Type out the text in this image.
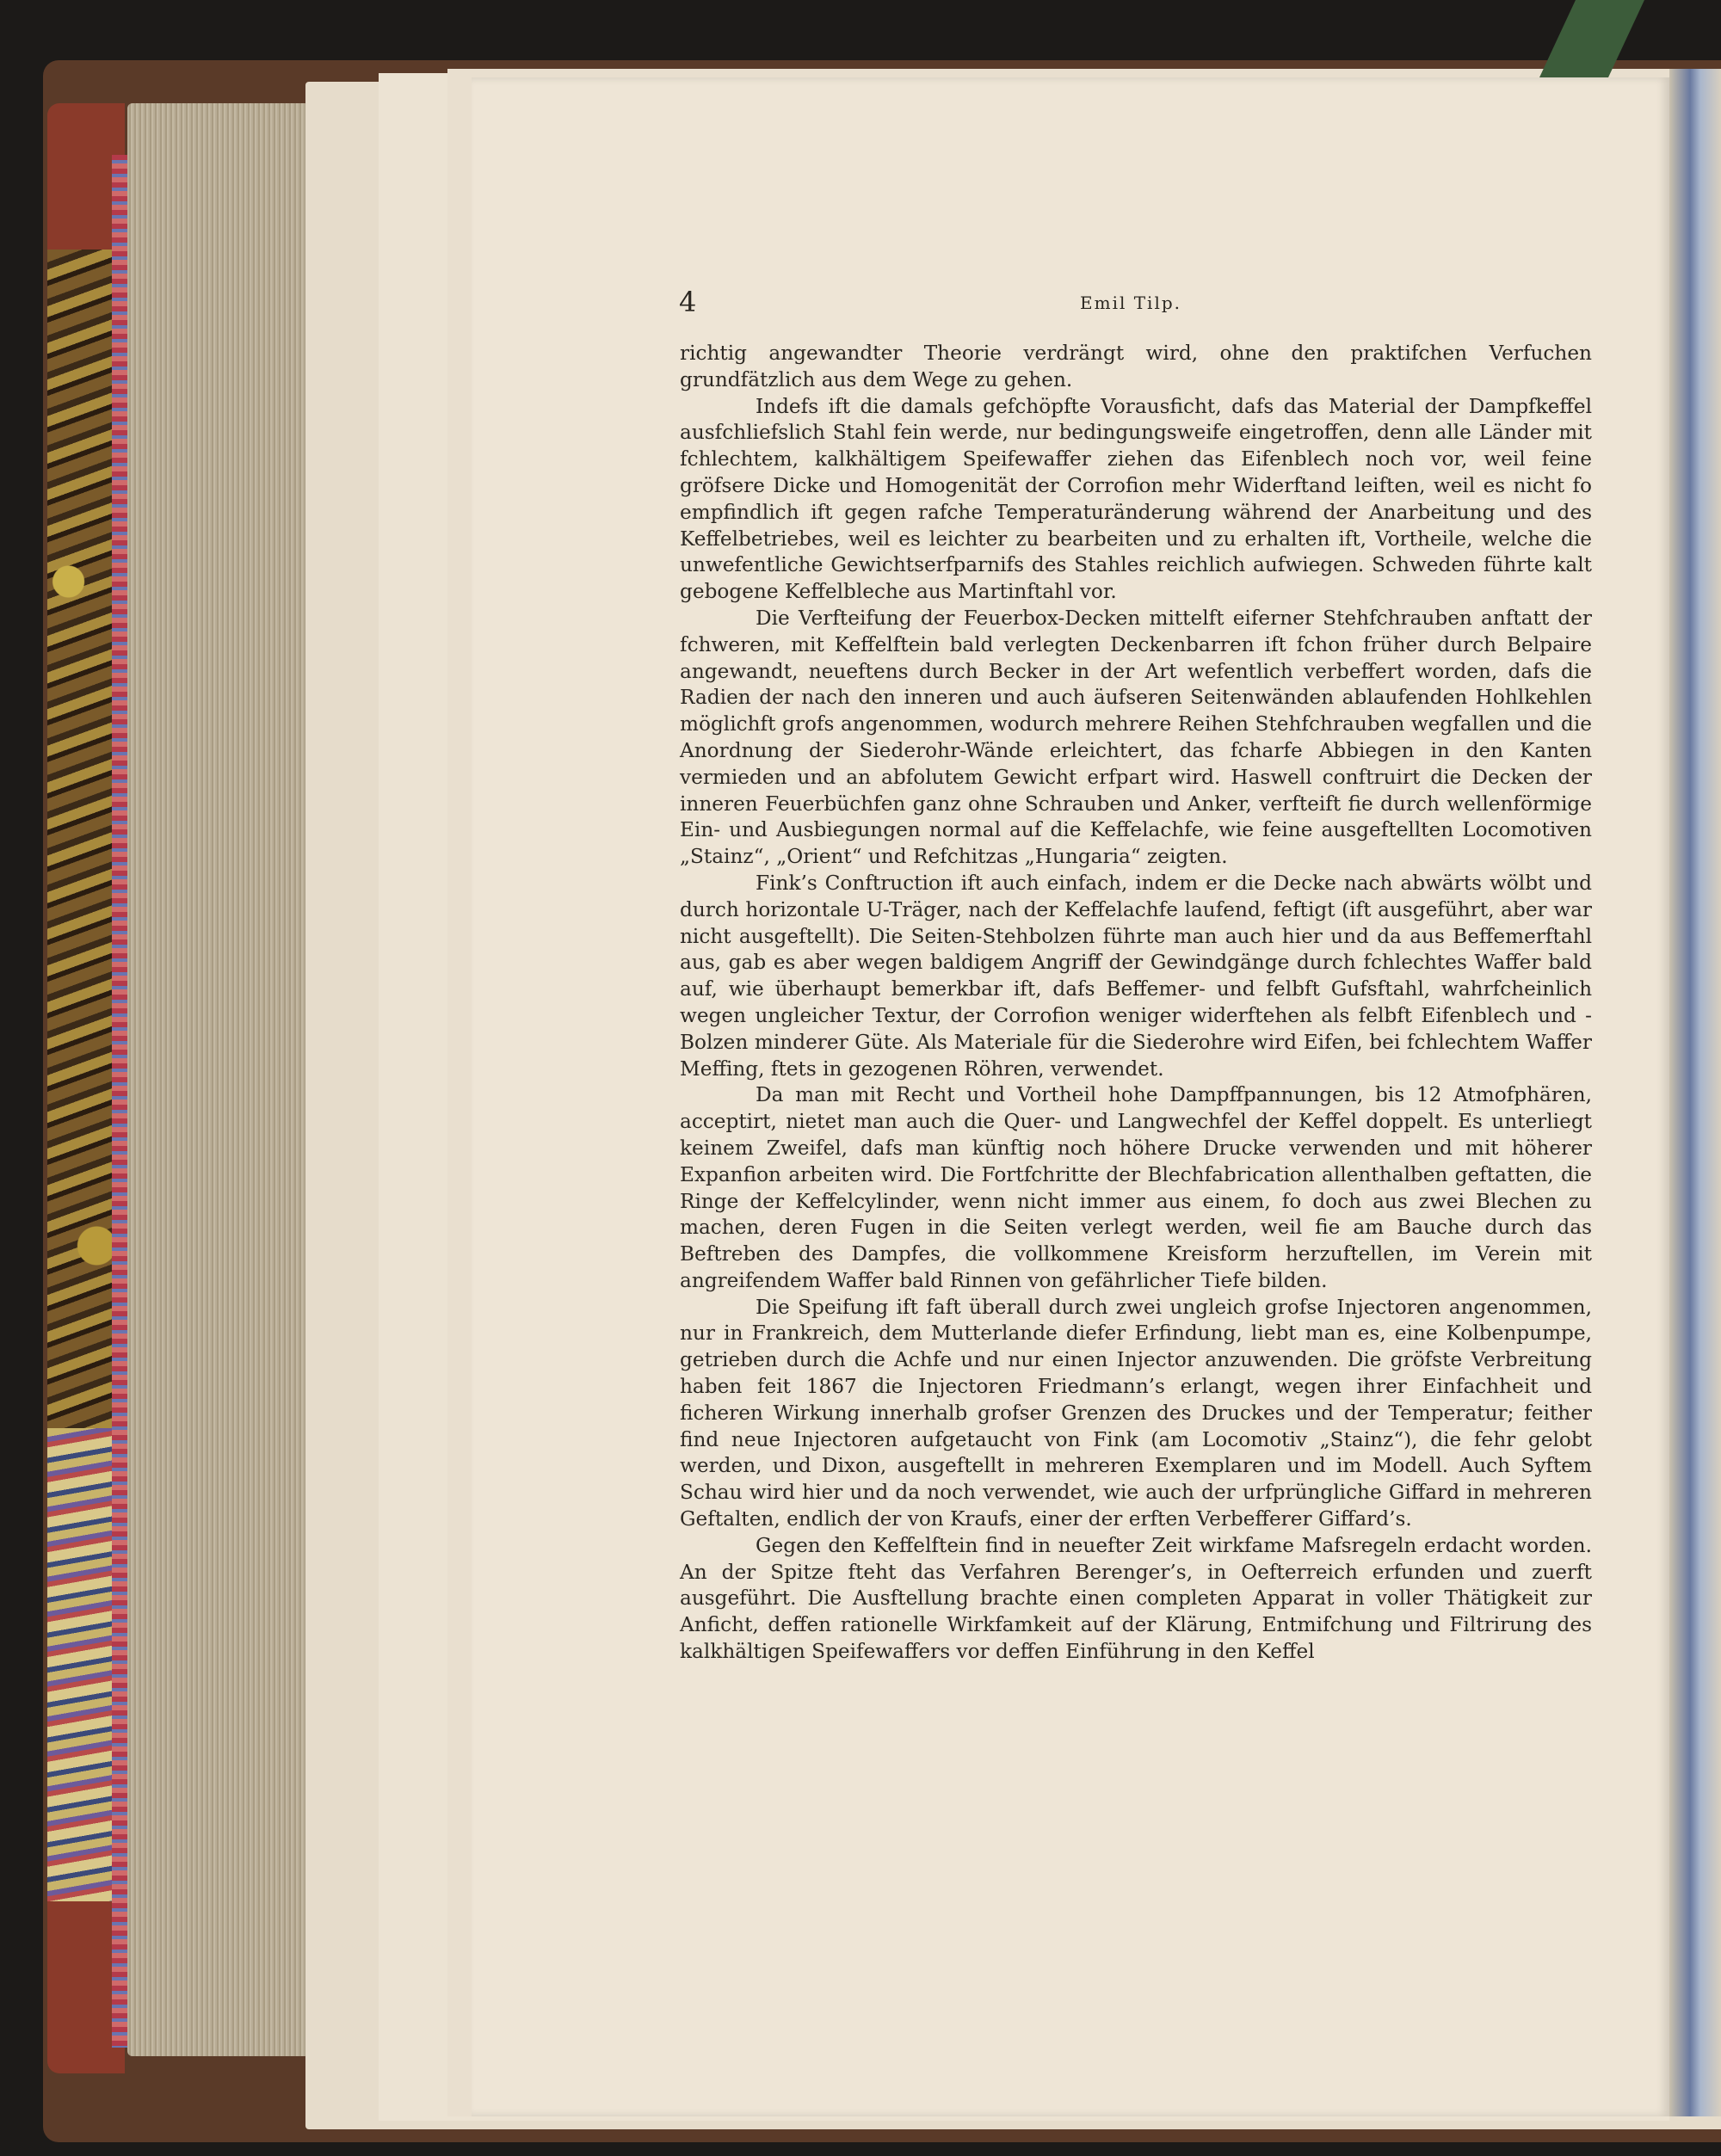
4	Emil Tilp.

richtig angewandter Theorie verdrängt wird, ohne den praktifchen Verfuchen grundfätzlich aus dem Wege zu gehen.

Indefs ift die damals gefchöpfte Vorausficht, dafs das Material der Dampfkeffel ausfchliefslich Stahl fein werde, nur bedingungsweife eingetroffen, denn alle Länder mit fchlechtem, kalkhältigem Speifewaffer ziehen das Eifenblech noch vor, weil feine gröfsere Dicke und Homogenität der Corrofion mehr Widerftand leiften, weil es nicht fo empfindlich ift gegen rafche Temperaturänderung während der Anarbeitung und des Keffelbetriebes, weil es leichter zu bearbeiten und zu erhalten ift, Vortheile, welche die unwefentliche Gewichtserfparnifs des Stahles reichlich aufwiegen. Schweden führte kalt gebogene Keffelbleche aus Martinftahl vor.

Die Verfteifung der Feuerbox-Decken mittelft eiferner Stehfchrauben anftatt der fchweren, mit Keffelftein bald verlegten Deckenbarren ift fchon früher durch Belpaire angewandt, neueftens durch Becker in der Art wefentlich verbeffert worden, dafs die Radien der nach den inneren und auch äufseren Seitenwänden ablaufenden Hohlkehlen möglichft grofs angenommen, wodurch mehrere Reihen Stehfchrauben wegfallen und die Anordnung der Siederohr-Wände erleichtert, das fcharfe Abbiegen in den Kanten vermieden und an abfolutem Gewicht erfpart wird. Haswell conftruirt die Decken der inneren Feuerbüchfen ganz ohne Schrauben und Anker, verfteift fie durch wellenförmige Ein- und Ausbiegungen normal auf die Keffelachfe, wie feine ausgeftellten Locomotiven „Stainz“, „Orient“ und Refchitzas „Hungaria“ zeigten.

Fink’s Conftruction ift auch einfach, indem er die Decke nach abwärts wölbt und durch horizontale U-Träger, nach der Keffelachfe laufend, feftigt (ift ausgeführt, aber war nicht ausgeftellt). Die Seiten-Stehbolzen führte man auch hier und da aus Beffemerftahl aus, gab es aber wegen baldigem Angriff der Gewindgänge durch fchlechtes Waffer bald auf, wie überhaupt bemerkbar ift, dafs Beffemer- und felbft Gufsftahl, wahrfcheinlich wegen ungleicher Textur, der Corrofion weniger widerftehen als felbft Eifenblech und - Bolzen minderer Güte. Als Materiale für die Siederohre wird Eifen, bei fchlechtem Waffer Meffing, ftets in gezogenen Röhren, verwendet.

Da man mit Recht und Vortheil hohe Dampffpannungen, bis 12 Atmofphären, acceptirt, nietet man auch die Quer- und Langwechfel der Keffel doppelt. Es unterliegt keinem Zweifel, dafs man künftig noch höhere Drucke verwenden und mit höherer Expanfion arbeiten wird. Die Fortfchritte der Blechfabrication allenthalben geftatten, die Ringe der Keffelcylinder, wenn nicht immer aus einem, fo doch aus zwei Blechen zu machen, deren Fugen in die Seiten verlegt werden, weil fie am Bauche durch das Beftreben des Dampfes, die vollkommene Kreisform herzuftellen, im Verein mit angreifendem Waffer bald Rinnen von gefährlicher Tiefe bilden.

Die Speifung ift faft überall durch zwei ungleich grofse Injectoren angenommen, nur in Frankreich, dem Mutterlande diefer Erfindung, liebt man es, eine Kolbenpumpe, getrieben durch die Achfe und nur einen Injector anzuwenden. Die gröfste Verbreitung haben feit 1867 die Injectoren Friedmann’s erlangt, wegen ihrer Einfachheit und ficheren Wirkung innerhalb grofser Grenzen des Druckes und der Temperatur; feither find neue Injectoren aufgetaucht von Fink (am Locomotiv „Stainz“), die fehr gelobt werden, und Dixon, ausgeftellt in mehreren Exemplaren und im Modell. Auch Syftem Schau wird hier und da noch verwendet, wie auch der urfprüngliche Giffard in mehreren Geftalten, endlich der von Kraufs, einer der erften Verbefferer Giffard’s.

Gegen den Keffelftein find in neuefter Zeit wirkfame Mafsregeln erdacht worden. An der Spitze fteht das Verfahren Berenger’s, in Oefterreich erfunden und zuerft ausgeführt. Die Ausftellung brachte einen completen Apparat in voller Thätigkeit zur Anficht, deffen rationelle Wirkfamkeit auf der Klärung, Entmifchung und Filtrirung des kalkhältigen Speifewaffers vor deffen Einführung in den Keffel
